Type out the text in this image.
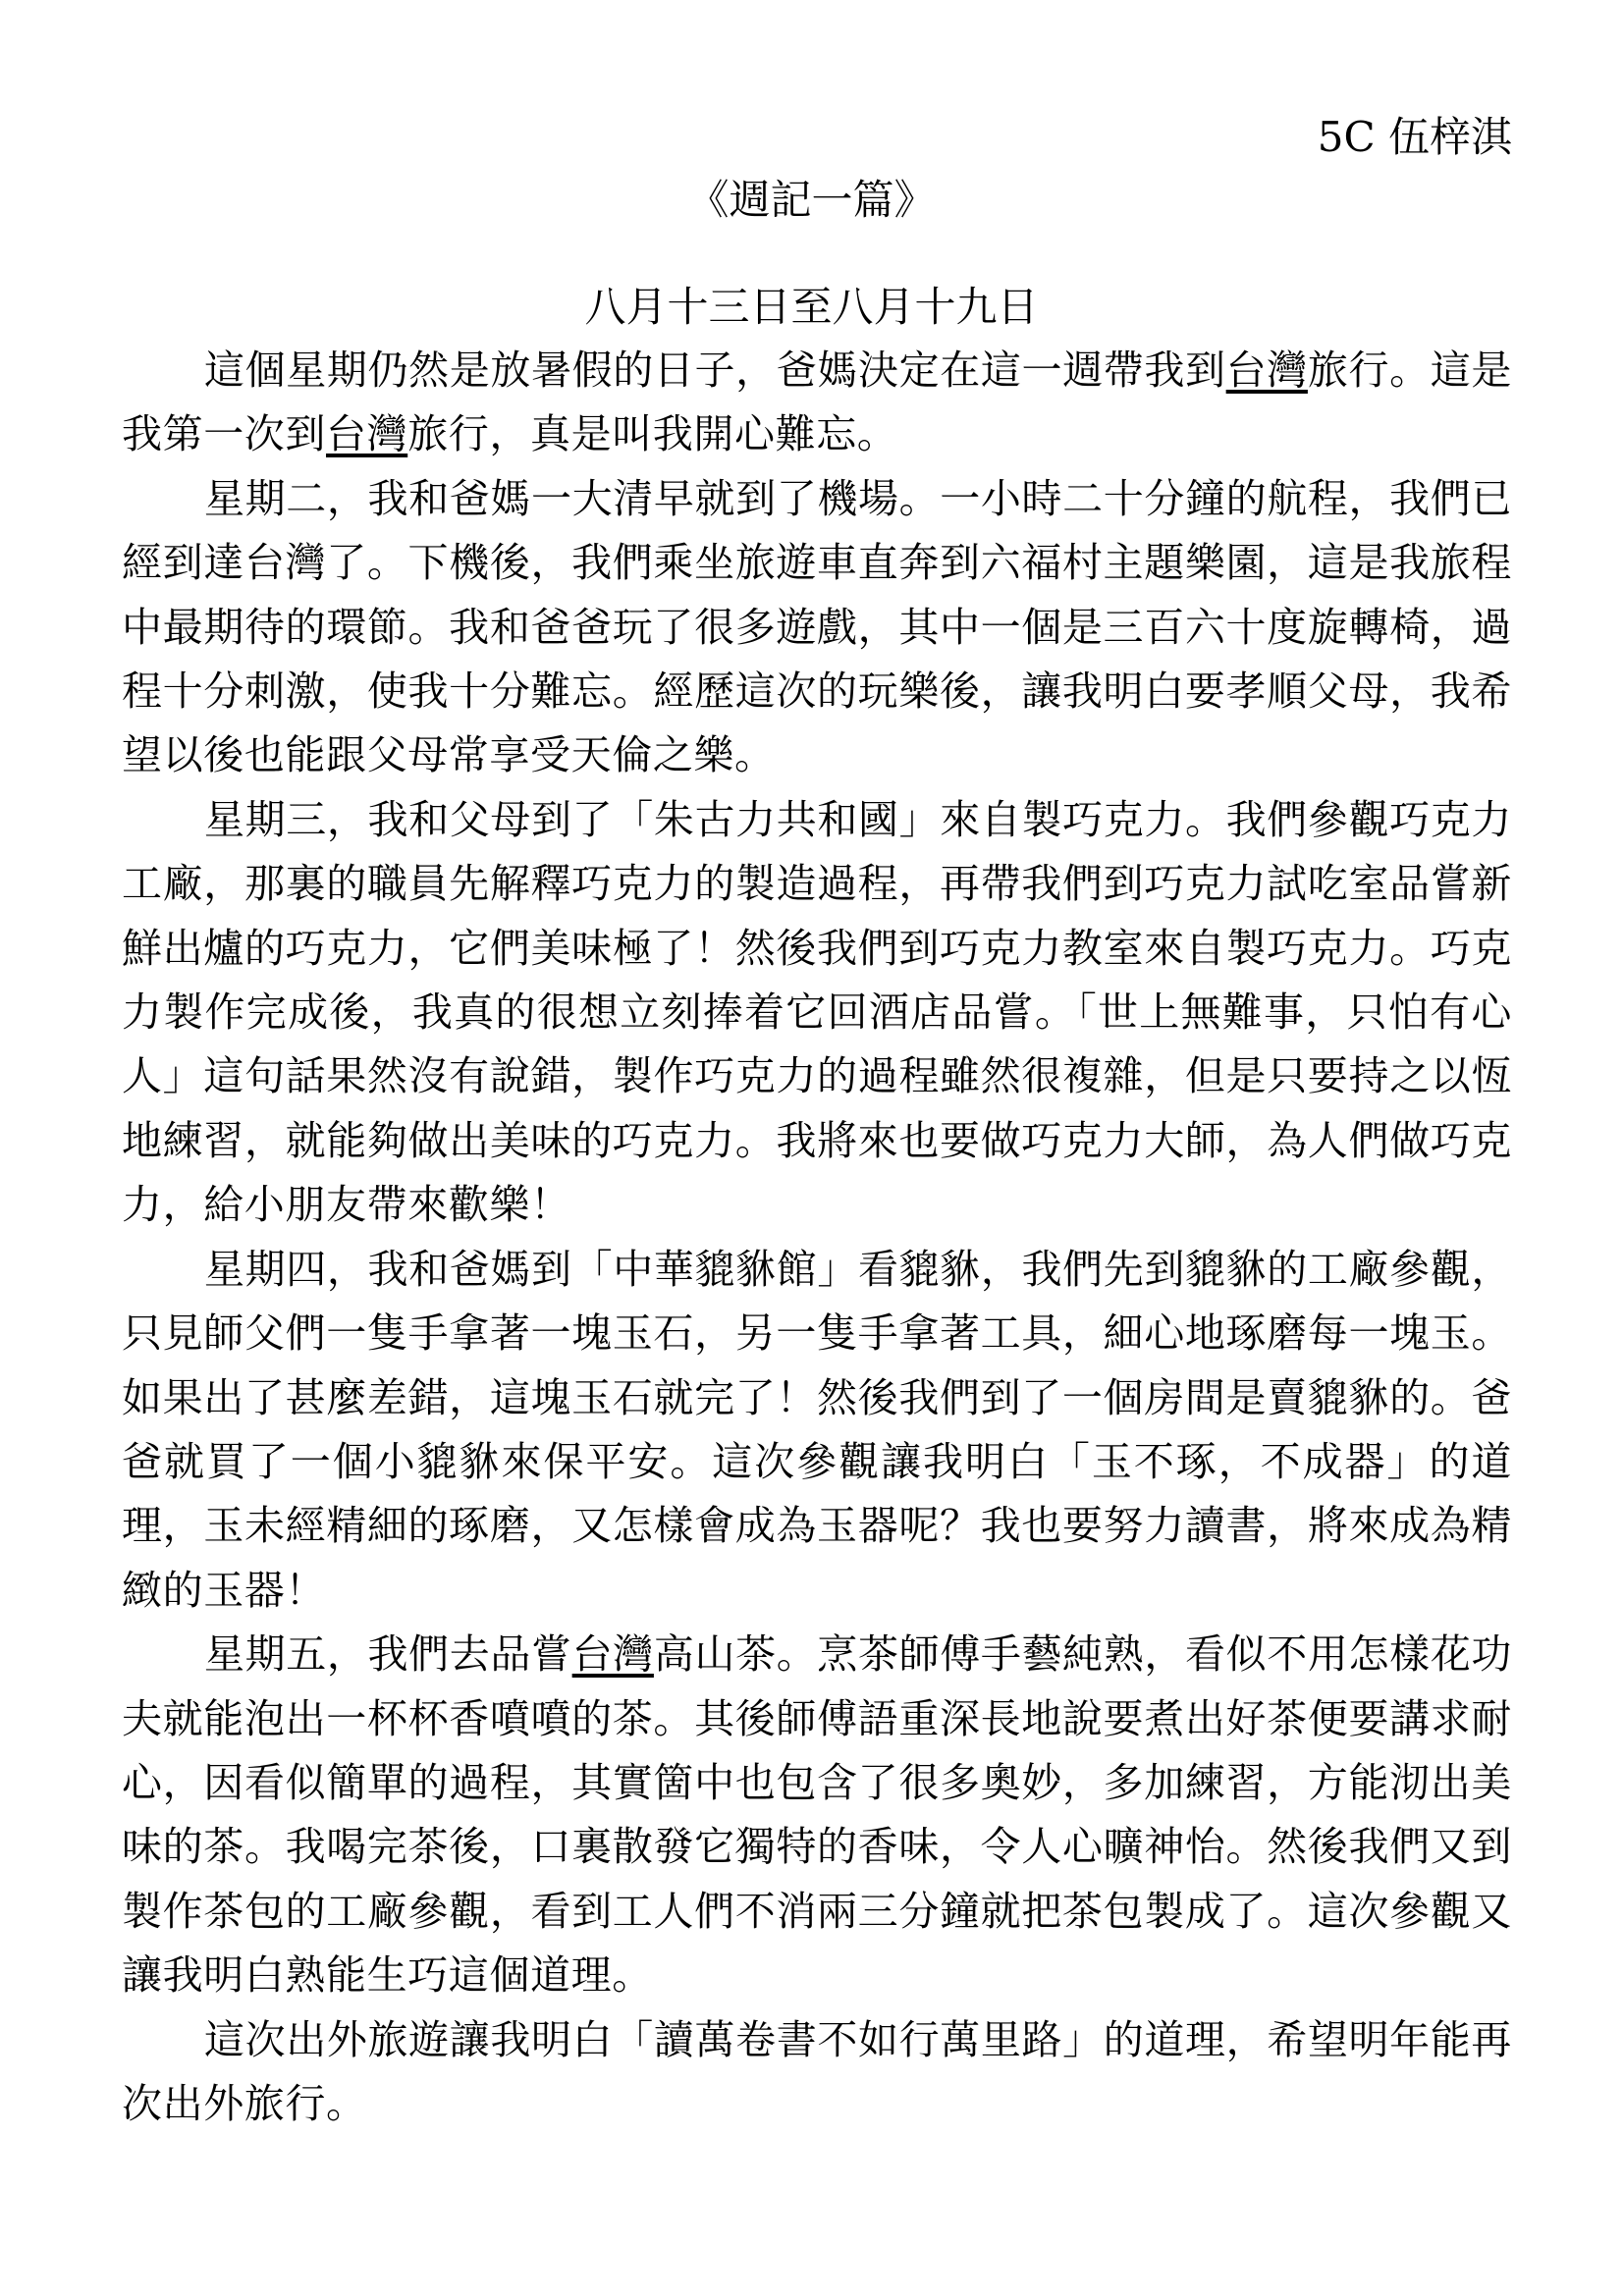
5C 伍梓淇
《週記一篇》
八月十三日至八月十九日

這個星期仍然是放暑假的日子，爸媽決定在這一週帶我到台灣旅行。這是我第一次到台灣旅行，真是叫我開心難忘。

星期二，我和爸媽一大清早就到了機場。一小時二十分鐘的航程，我們已經到達台灣了。下機後，我們乘坐旅遊車直奔到六福村主題樂園，這是我旅程中最期待的環節。我和爸爸玩了很多遊戲，其中一個是三百六十度旋轉椅，過程十分刺激，使我十分難忘。經歷這次的玩樂後，讓我明白要孝順父母，我希望以後也能跟父母常享受天倫之樂。

星期三，我和父母到了「朱古力共和國」來自製巧克力。我們參觀巧克力工廠，那裏的職員先解釋巧克力的製造過程，再帶我們到巧克力試吃室品嘗新鮮出爐的巧克力，它們美味極了！然後我們到巧克力教室來自製巧克力。巧克力製作完成後，我真的很想立刻捧着它回酒店品嘗。「世上無難事，只怕有心人」這句話果然沒有說錯，製作巧克力的過程雖然很複雜，但是只要持之以恆地練習，就能夠做出美味的巧克力。我將來也要做巧克力大師，為人們做巧克力，給小朋友帶來歡樂！

星期四，我和爸媽到「中華貔貅館」看貔貅，我們先到貔貅的工廠參觀，只見師父們一隻手拿著一塊玉石，另一隻手拿著工具，細心地琢磨每一塊玉。如果出了甚麼差錯，這塊玉石就完了！然後我們到了一個房間是賣貔貅的。爸爸就買了一個小貔貅來保平安。這次參觀讓我明白「玉不琢，不成器」的道理，玉未經精細的琢磨，又怎樣會成為玉器呢？我也要努力讀書，將來成為精緻的玉器！

星期五，我們去品嘗台灣高山茶。烹茶師傅手藝純熟，看似不用怎樣花功夫就能泡出一杯杯香噴噴的茶。其後師傅語重深長地說要煮出好茶便要講求耐心，因看似簡單的過程，其實箇中也包含了很多奧妙，多加練習，方能沏出美味的茶。我喝完茶後，口裏散發它獨特的香味，令人心曠神怡。然後我們又到製作茶包的工廠參觀，看到工人們不消兩三分鐘就把茶包製成了。這次參觀又讓我明白熟能生巧這個道理。

這次出外旅遊讓我明白「讀萬卷書不如行萬里路」的道理，希望明年能再次出外旅行。
